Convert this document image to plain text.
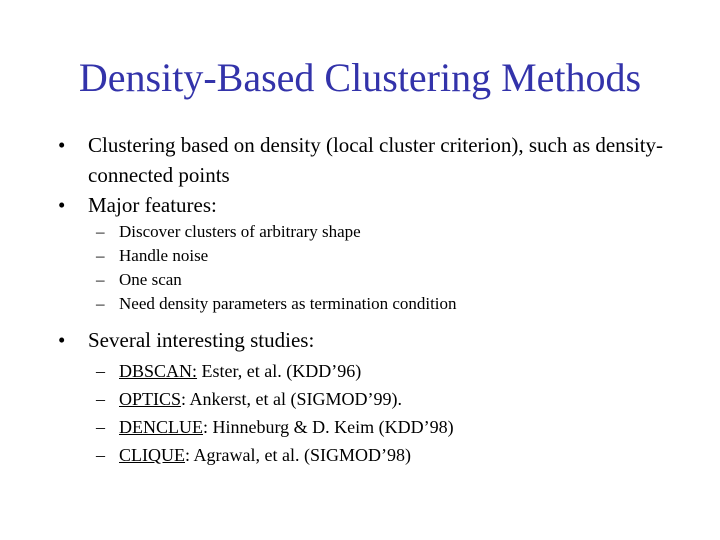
Density-Based Clustering Methods
• Clustering based on density (local cluster criterion), such as density-connected points
• Major features:
– Discover clusters of arbitrary shape
– Handle noise
– One scan
– Need density parameters as termination condition
• Several interesting studies:
– DBSCAN: Ester, et al. (KDD’96)
– OPTICS: Ankerst, et al (SIGMOD’99).
– DENCLUE: Hinneburg & D. Keim (KDD’98)
– CLIQUE: Agrawal, et al. (SIGMOD’98)
